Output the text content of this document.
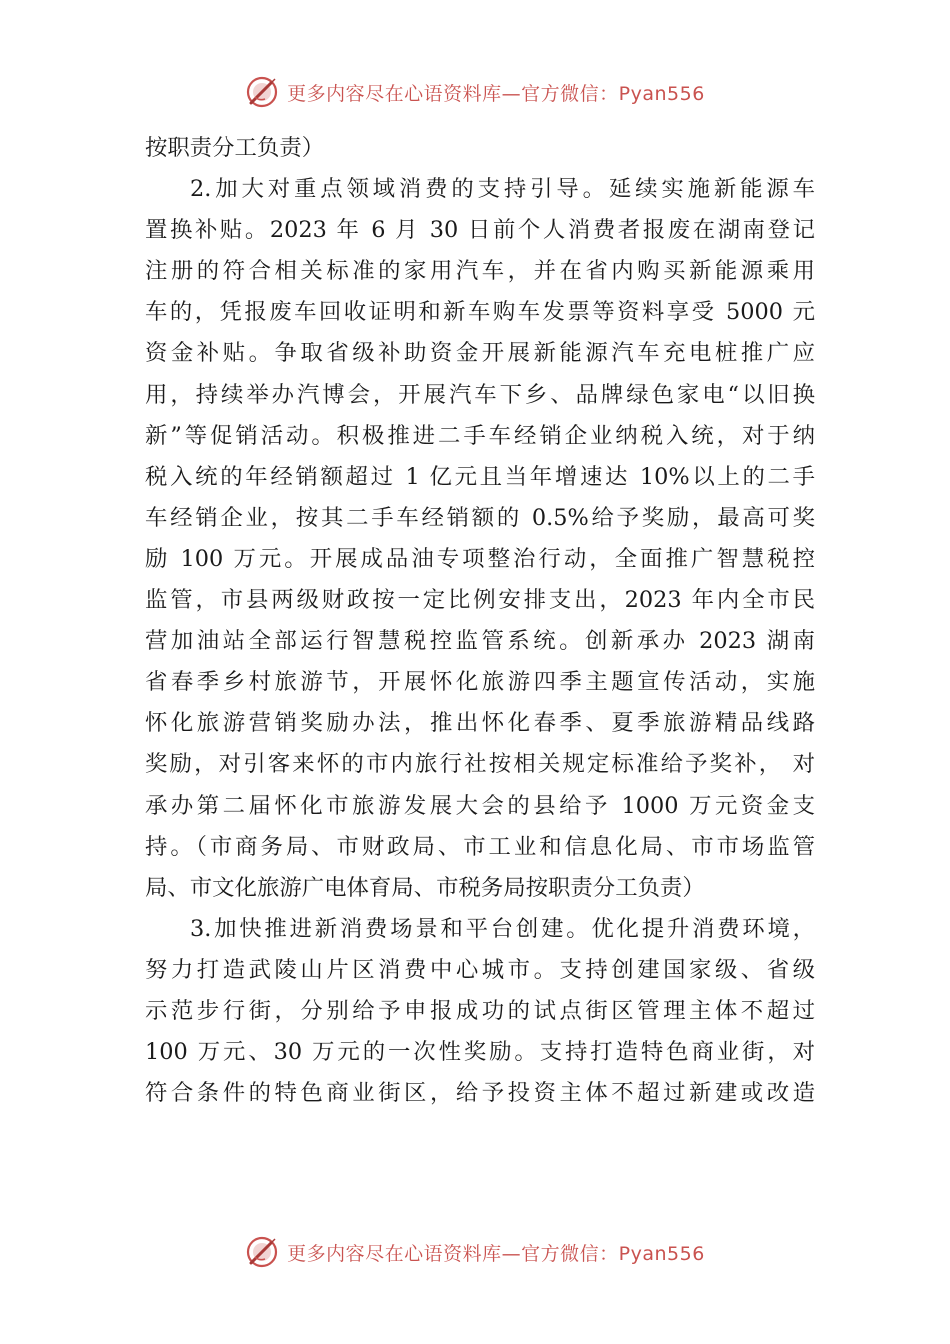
更多内容尽在心语资料库—官方微信：Pyan556
按职责分工负责）
2.加大对重点领域消费的支持引导。延续实施新能源车
置换补贴。2023 年 6 月 30 日前个人消费者报废在湖南登记
注册的符合相关标准的家用汽车，并在省内购买新能源乘用
车的，凭报废车回收证明和新车购车发票等资料享受 5000 元
资金补贴。争取省级补助资金开展新能源汽车充电桩推广应
用，持续举办汽博会，开展汽车下乡、品牌绿色家电“以旧换
新”等促销活动。积极推进二手车经销企业纳税入统，对于纳
税入统的年经销额超过 1 亿元且当年增速达 10%以上的二手
车经销企业，按其二手车经销额的 0.5%给予奖励，最高可奖
励 100 万元。开展成品油专项整治行动，全面推广智慧税控
监管，市县两级财政按一定比例安排支出，2023 年内全市民
营加油站全部运行智慧税控监管系统。创新承办 2023 湖南
省春季乡村旅游节，开展怀化旅游四季主题宣传活动，实施
怀化旅游营销奖励办法，推出怀化春季、夏季旅游精品线路
奖励，对引客来怀的市内旅行社按相关规定标准给予奖补， 对
承办第二届怀化市旅游发展大会的县给予 1000 万元资金支
持。（市商务局、市财政局、市工业和信息化局、市市场监管
局、市文化旅游广电体育局、市税务局按职责分工负责）
3.加快推进新消费场景和平台创建。优化提升消费环境，
努力打造武陵山片区消费中心城市。支持创建国家级、省级
示范步行街，分别给予申报成功的试点街区管理主体不超过
100 万元、30 万元的一次性奖励。支持打造特色商业街，对
符合条件的特色商业街区，给予投资主体不超过新建或改造
更多内容尽在心语资料库—官方微信：Pyan556
